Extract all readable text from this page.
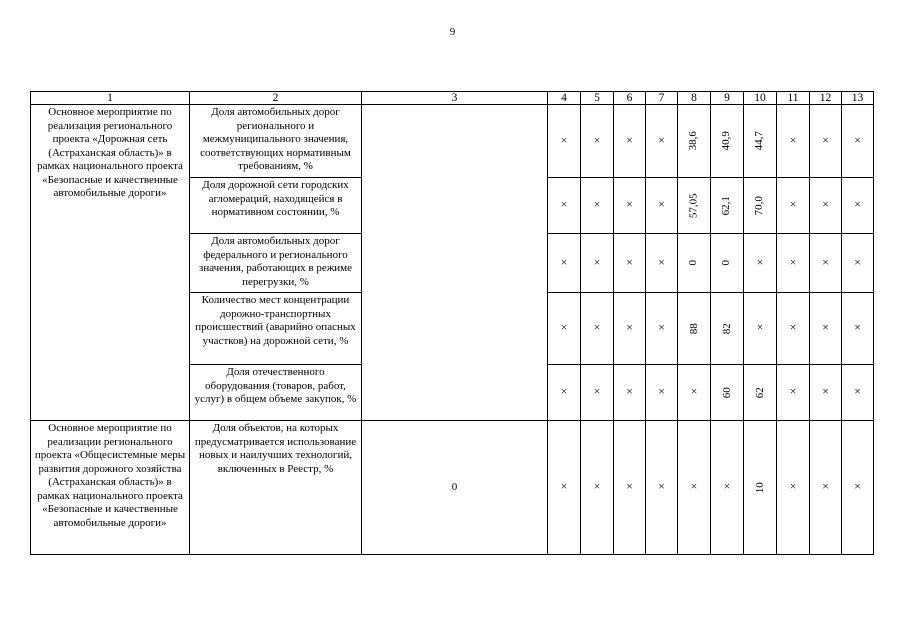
9
1	2	3	4	5	6	7	8	9	10	11	12	13

Основное мероприятие по реализация регионального проекта «Дорожная сеть (Астраханская область)» в рамках национального проекта «Безопасные и качественные автомобильные дороги»	Доля автомобильных дорог регионального и межмуниципального значения, соответствующих нормативным требованиям, %		×	×	×	×	38,6	40,9	44,7	×	×	×

	Доля дорожной сети городских агломераций, находящейся в нормативном состоянии, %		×	×	×	×	57,05	62,1	70,0	×	×	×

	Доля автомобильных дорог федерального и регионального значения, работающих в режиме перегрузки, %		×	×	×	×	0	0	×	×	×	×

	Количество мест концентрации дорожно-транспортных происшествий (аварийно опасных участков) на дорожной сети, %		×	×	×	×	88	82	×	×	×	×

	Доля отечественного оборудования (товаров, работ, услуг) в общем объеме закупок, %		×	×	×	×	×	60	62	×	×	×

Основное мероприятие по реализации регионального проекта «Общесистемные меры развития дорожного хозяйства (Астраханская область)» в рамках национального проекта «Безопасные и качественные автомобильные дороги»	Доля объектов, на которых предусматривается использование новых и наилучших технологий, включенных в Реестр, %	0	×	×	×	×	×	×	10	×	×	×
